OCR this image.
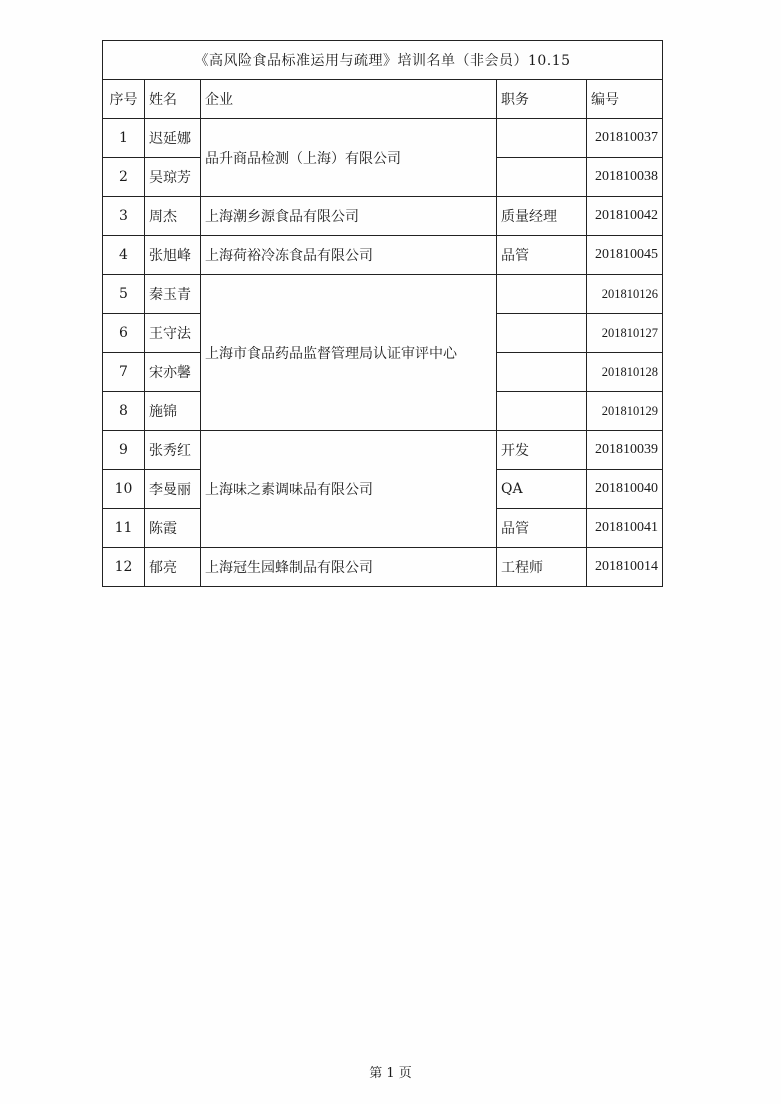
《高风险食品标准运用与疏理》培训名单（非会员）10.15				
序号	姓名	企业	职务	编号
1	迟延娜	品升商品检测（上海）有限公司		201810037
2	吴琼芳			201810038
3	周杰	上海潮乡源食品有限公司	质量经理	201810042
4	张旭峰	上海荷裕冷冻食品有限公司	品管	201810045
5	秦玉青	上海市食品药品监督管理局认证审评中心		201810126
6	王守法			201810127
7	宋亦馨			201810128
8	施锦			201810129
9	张秀红	上海味之素调味品有限公司	开发	201810039
10	李曼丽		QA	201810040
11	陈霞		品管	201810041
12	郁亮	上海冠生园蜂制品有限公司	工程师	201810014
第 1 页
